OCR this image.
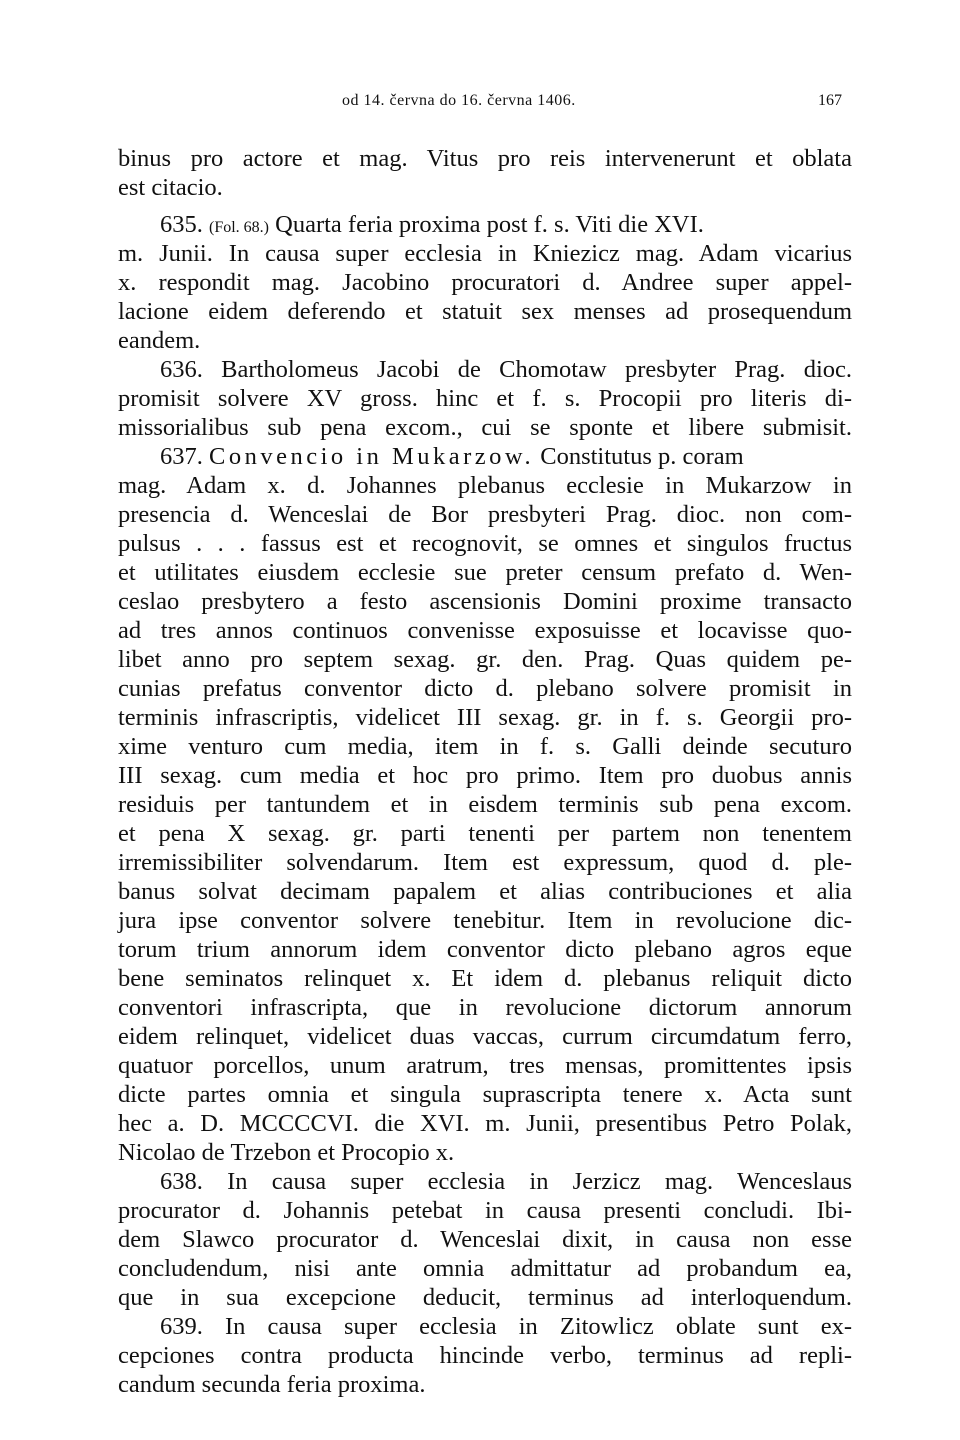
od 14. června do 16. června 1406.	167
binus pro actore et mag. Vitus pro reis intervenerunt et oblata
est citacio.
635. (Fol. 68.) Quarta feria proxima post f. s. Viti die XVI.
m. Junii. In causa super ecclesia in Kniezicz mag. Adam vicarius
x. respondit mag. Jacobino procuratori d. Andree super appel-
lacione eidem deferendo et statuit sex menses ad prosequendum
eandem.
636. Bartholomeus Jacobi de Chomotaw presbyter Prag. dioc.
promisit solvere XV gross. hinc et f. s. Procopii pro literis di-
missorialibus sub pena excom., cui se sponte et libere submisit.
637. Convencio in Mukarzow. Constitutus p. coram
mag. Adam x. d. Johannes plebanus ecclesie in Mukarzow in
presencia d. Wenceslai de Bor presbyteri Prag. dioc. non com-
pulsus . . . fassus est et recognovit, se omnes et singulos fructus
et utilitates eiusdem ecclesie sue preter censum prefato d. Wen-
ceslao presbytero a festo ascensionis Domini proxime transacto
ad tres annos continuos convenisse exposuisse et locavisse quo-
libet anno pro septem sexag. gr. den. Prag. Quas quidem pe-
cunias prefatus conventor dicto d. plebano solvere promisit in
terminis infrascriptis, videlicet III sexag. gr. in f. s. Georgii pro-
xime venturo cum media, item in f. s. Galli deinde secuturo
III sexag. cum media et hoc pro primo. Item pro duobus annis
residuis per tantundem et in eisdem terminis sub pena excom.
et pena X sexag. gr. parti tenenti per partem non tenentem
irremissibiliter solvendarum. Item est expressum, quod d. ple-
banus solvat decimam papalem et alias contribuciones et alia
jura ipse conventor solvere tenebitur. Item in revolucione dic-
torum trium annorum idem conventor dicto plebano agros eque
bene seminatos relinquet x. Et idem d. plebanus reliquit dicto
conventori infrascripta, que in revolucione dictorum annorum
eidem relinquet, videlicet duas vaccas, currum circumdatum ferro,
quatuor porcellos, unum aratrum, tres mensas, promittentes ipsis
dicte partes omnia et singula suprascripta tenere x. Acta sunt
hec a. D. MCCCCVI. die XVI. m. Junii, presentibus Petro Polak,
Nicolao de Trzebon et Procopio x.
638. In causa super ecclesia in Jerzicz mag. Wenceslaus
procurator d. Johannis petebat in causa presenti concludi. Ibi-
dem Slawco procurator d. Wenceslai dixit, in causa non esse
concludendum, nisi ante omnia admittatur ad probandum ea,
que in sua excepcione deducit, terminus ad interloquendum.
639. In causa super ecclesia in Zitowlicz oblate sunt ex-
cepciones contra producta hincinde verbo, terminus ad repli-
candum secunda feria proxima.
